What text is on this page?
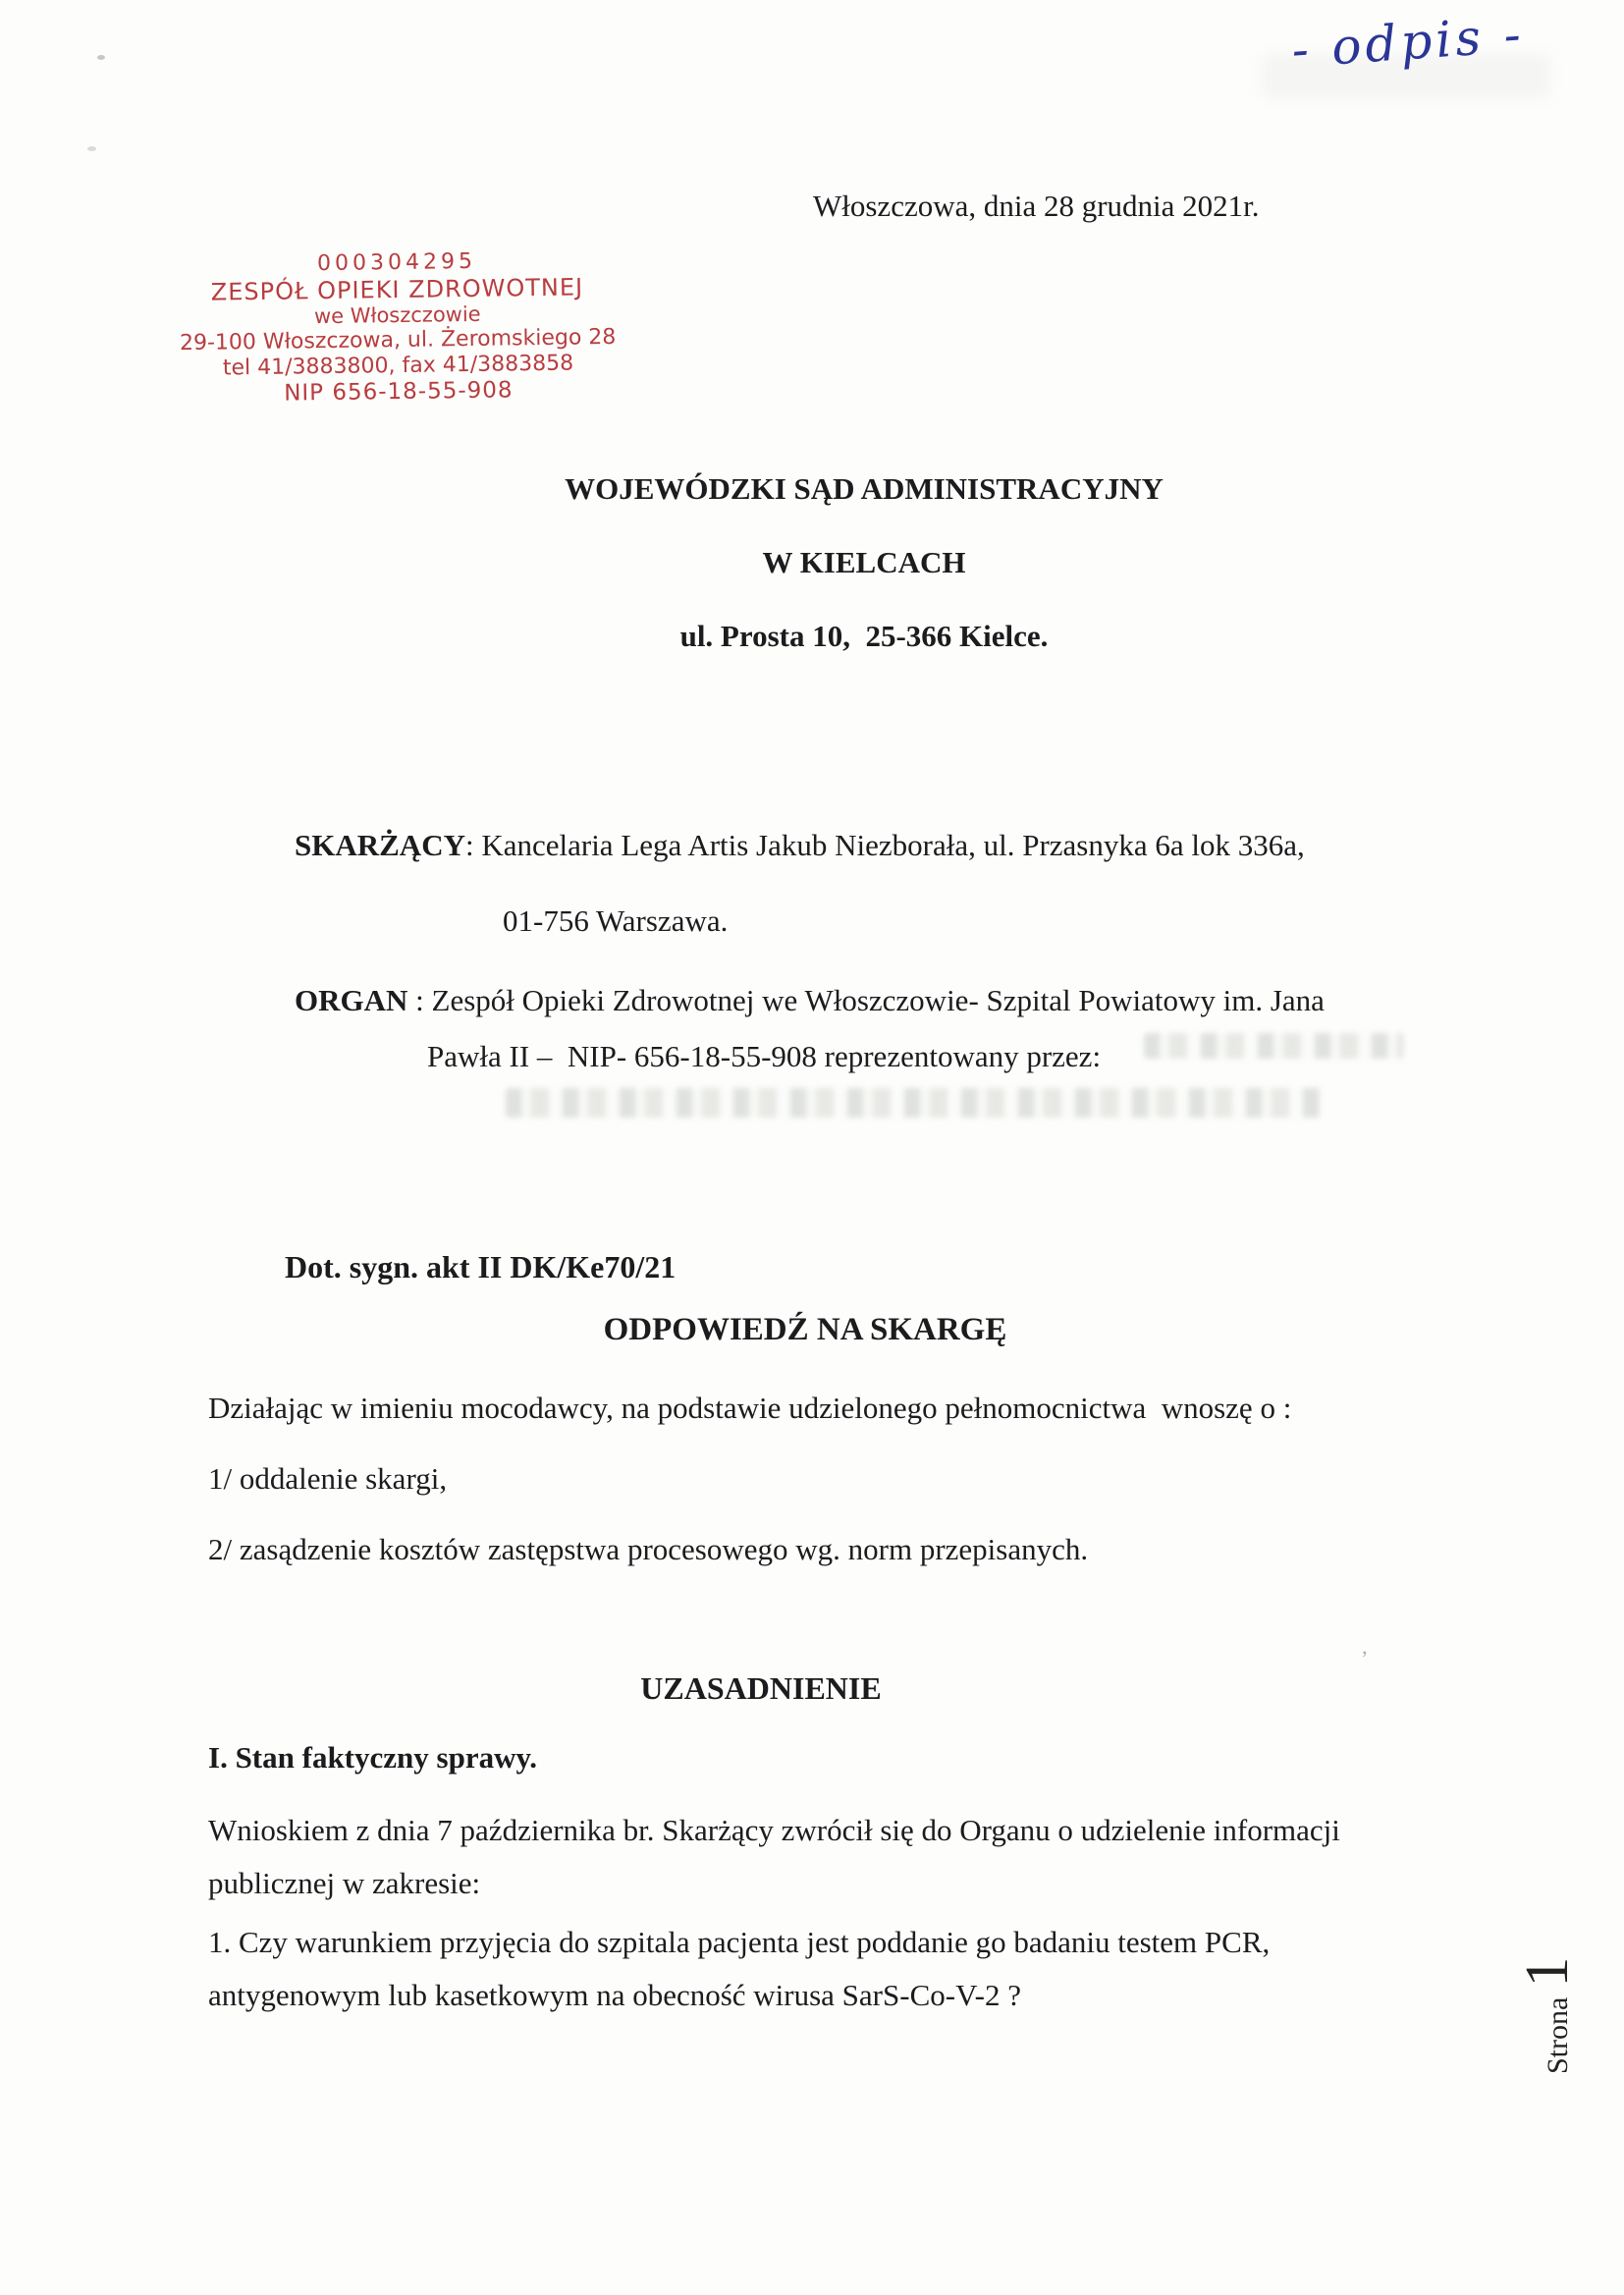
- odpis -
Włoszczowa, dnia 28 grudnia 2021r.
000304295
ZESPÓŁ OPIEKI ZDROWOTNEJ
we Włoszczowie
29-100 Włoszczowa, ul. Żeromskiego 28
tel 41/3883800, fax 41/3883858
NIP 656-18-55-908
WOJEWÓDZKI SĄD ADMINISTRACYJNY
W KIELCACH
ul. Prosta 10,  25-366 Kielce.
SKARŻĄCY: Kancelaria Lega Artis Jakub Niezborała, ul. Przasnyka 6a lok 336a,
01-756 Warszawa.
ORGAN : Zespół Opieki Zdrowotnej we Włoszczowie- Szpital Powiatowy im. Jana
Pawła II –  NIP- 656-18-55-908 reprezentowany przez:
Dot. sygn. akt II DK/Ke70/21
ODPOWIEDŹ NA SKARGĘ
Działając w imieniu mocodawcy, na podstawie udzielonego pełnomocnictwa  wnoszę o :
1/ oddalenie skargi,
2/ zasądzenie kosztów zastępstwa procesowego wg. norm przepisanych.
’
UZASADNIENIE
I. Stan faktyczny sprawy.
Wnioskiem z dnia 7 października br. Skarżący zwrócił się do Organu o udzielenie informacji
publicznej w zakresie:
1. Czy warunkiem przyjęcia do szpitala pacjenta jest poddanie go badaniu testem PCR,
antygenowym lub kasetkowym na obecność wirusa SarS-Co-V-2 ?
Strona
1
